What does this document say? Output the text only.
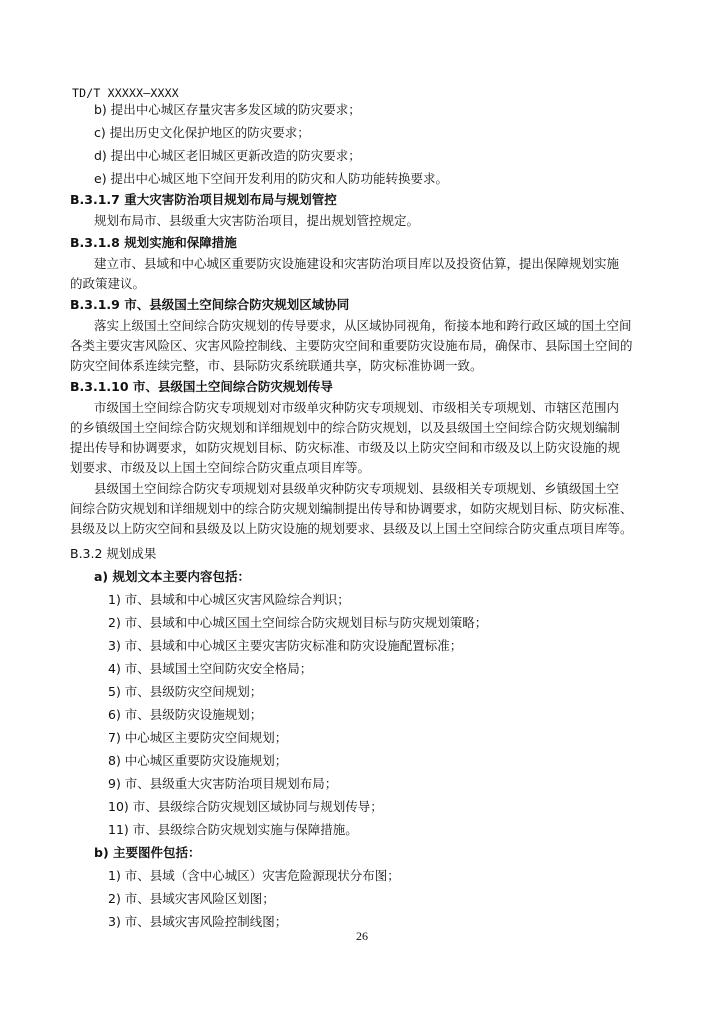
TD/T XXXXX—XXXX
b) 提出中心城区存量灾害多发区域的防灾要求；
c) 提出历史文化保护地区的防灾要求；
d) 提出中心城区老旧城区更新改造的防灾要求；
e) 提出中心城区地下空间开发利用的防灾和人防功能转换要求。
B.3.1.7 重大灾害防治项目规划布局与规划管控
规划布局市、县级重大灾害防治项目，提出规划管控规定。
B.3.1.8 规划实施和保障措施
建立市、县域和中心城区重要防灾设施建设和灾害防治项目库以及投资估算，提出保障规划实施
的政策建议。
B.3.1.9 市、县级国土空间综合防灾规划区域协同
落实上级国土空间综合防灾规划的传导要求，从区域协同视角，衔接本地和跨行政区域的国土空间
各类主要灾害风险区、灾害风险控制线、主要防灾空间和重要防灾设施布局，确保市、县际国土空间的
防灾空间体系连续完整，市、县际防灾系统联通共享，防灾标准协调一致。
B.3.1.10 市、县级国土空间综合防灾规划传导
市级国土空间综合防灾专项规划对市级单灾种防灾专项规划、市级相关专项规划、市辖区范围内
的乡镇级国土空间综合防灾规划和详细规划中的综合防灾规划，以及县级国土空间综合防灾规划编制
提出传导和协调要求，如防灾规划目标、防灾标准、市级及以上防灾空间和市级及以上防灾设施的规
划要求、市级及以上国土空间综合防灾重点项目库等。
县级国土空间综合防灾专项规划对县级单灾种防灾专项规划、县级相关专项规划、乡镇级国土空
间综合防灾规划和详细规划中的综合防灾规划编制提出传导和协调要求，如防灾规划目标、防灾标准、
县级及以上防灾空间和县级及以上防灾设施的规划要求、县级及以上国土空间综合防灾重点项目库等。
B.3.2 规划成果
a) 规划文本主要内容包括：
1) 市、县域和中心城区灾害风险综合判识；
2) 市、县域和中心城区国土空间综合防灾规划目标与防灾规划策略；
3) 市、县域和中心城区主要灾害防灾标准和防灾设施配置标准；
4) 市、县域国土空间防灾安全格局；
5) 市、县级防灾空间规划；
6) 市、县级防灾设施规划；
7) 中心城区主要防灾空间规划；
8) 中心城区重要防灾设施规划；
9) 市、县级重大灾害防治项目规划布局；
10) 市、县级综合防灾规划区域协同与规划传导；
11) 市、县级综合防灾规划实施与保障措施。
b) 主要图件包括：
1) 市、县域（含中心城区）灾害危险源现状分布图；
2) 市、县域灾害风险区划图；
3) 市、县域灾害风险控制线图；
26
